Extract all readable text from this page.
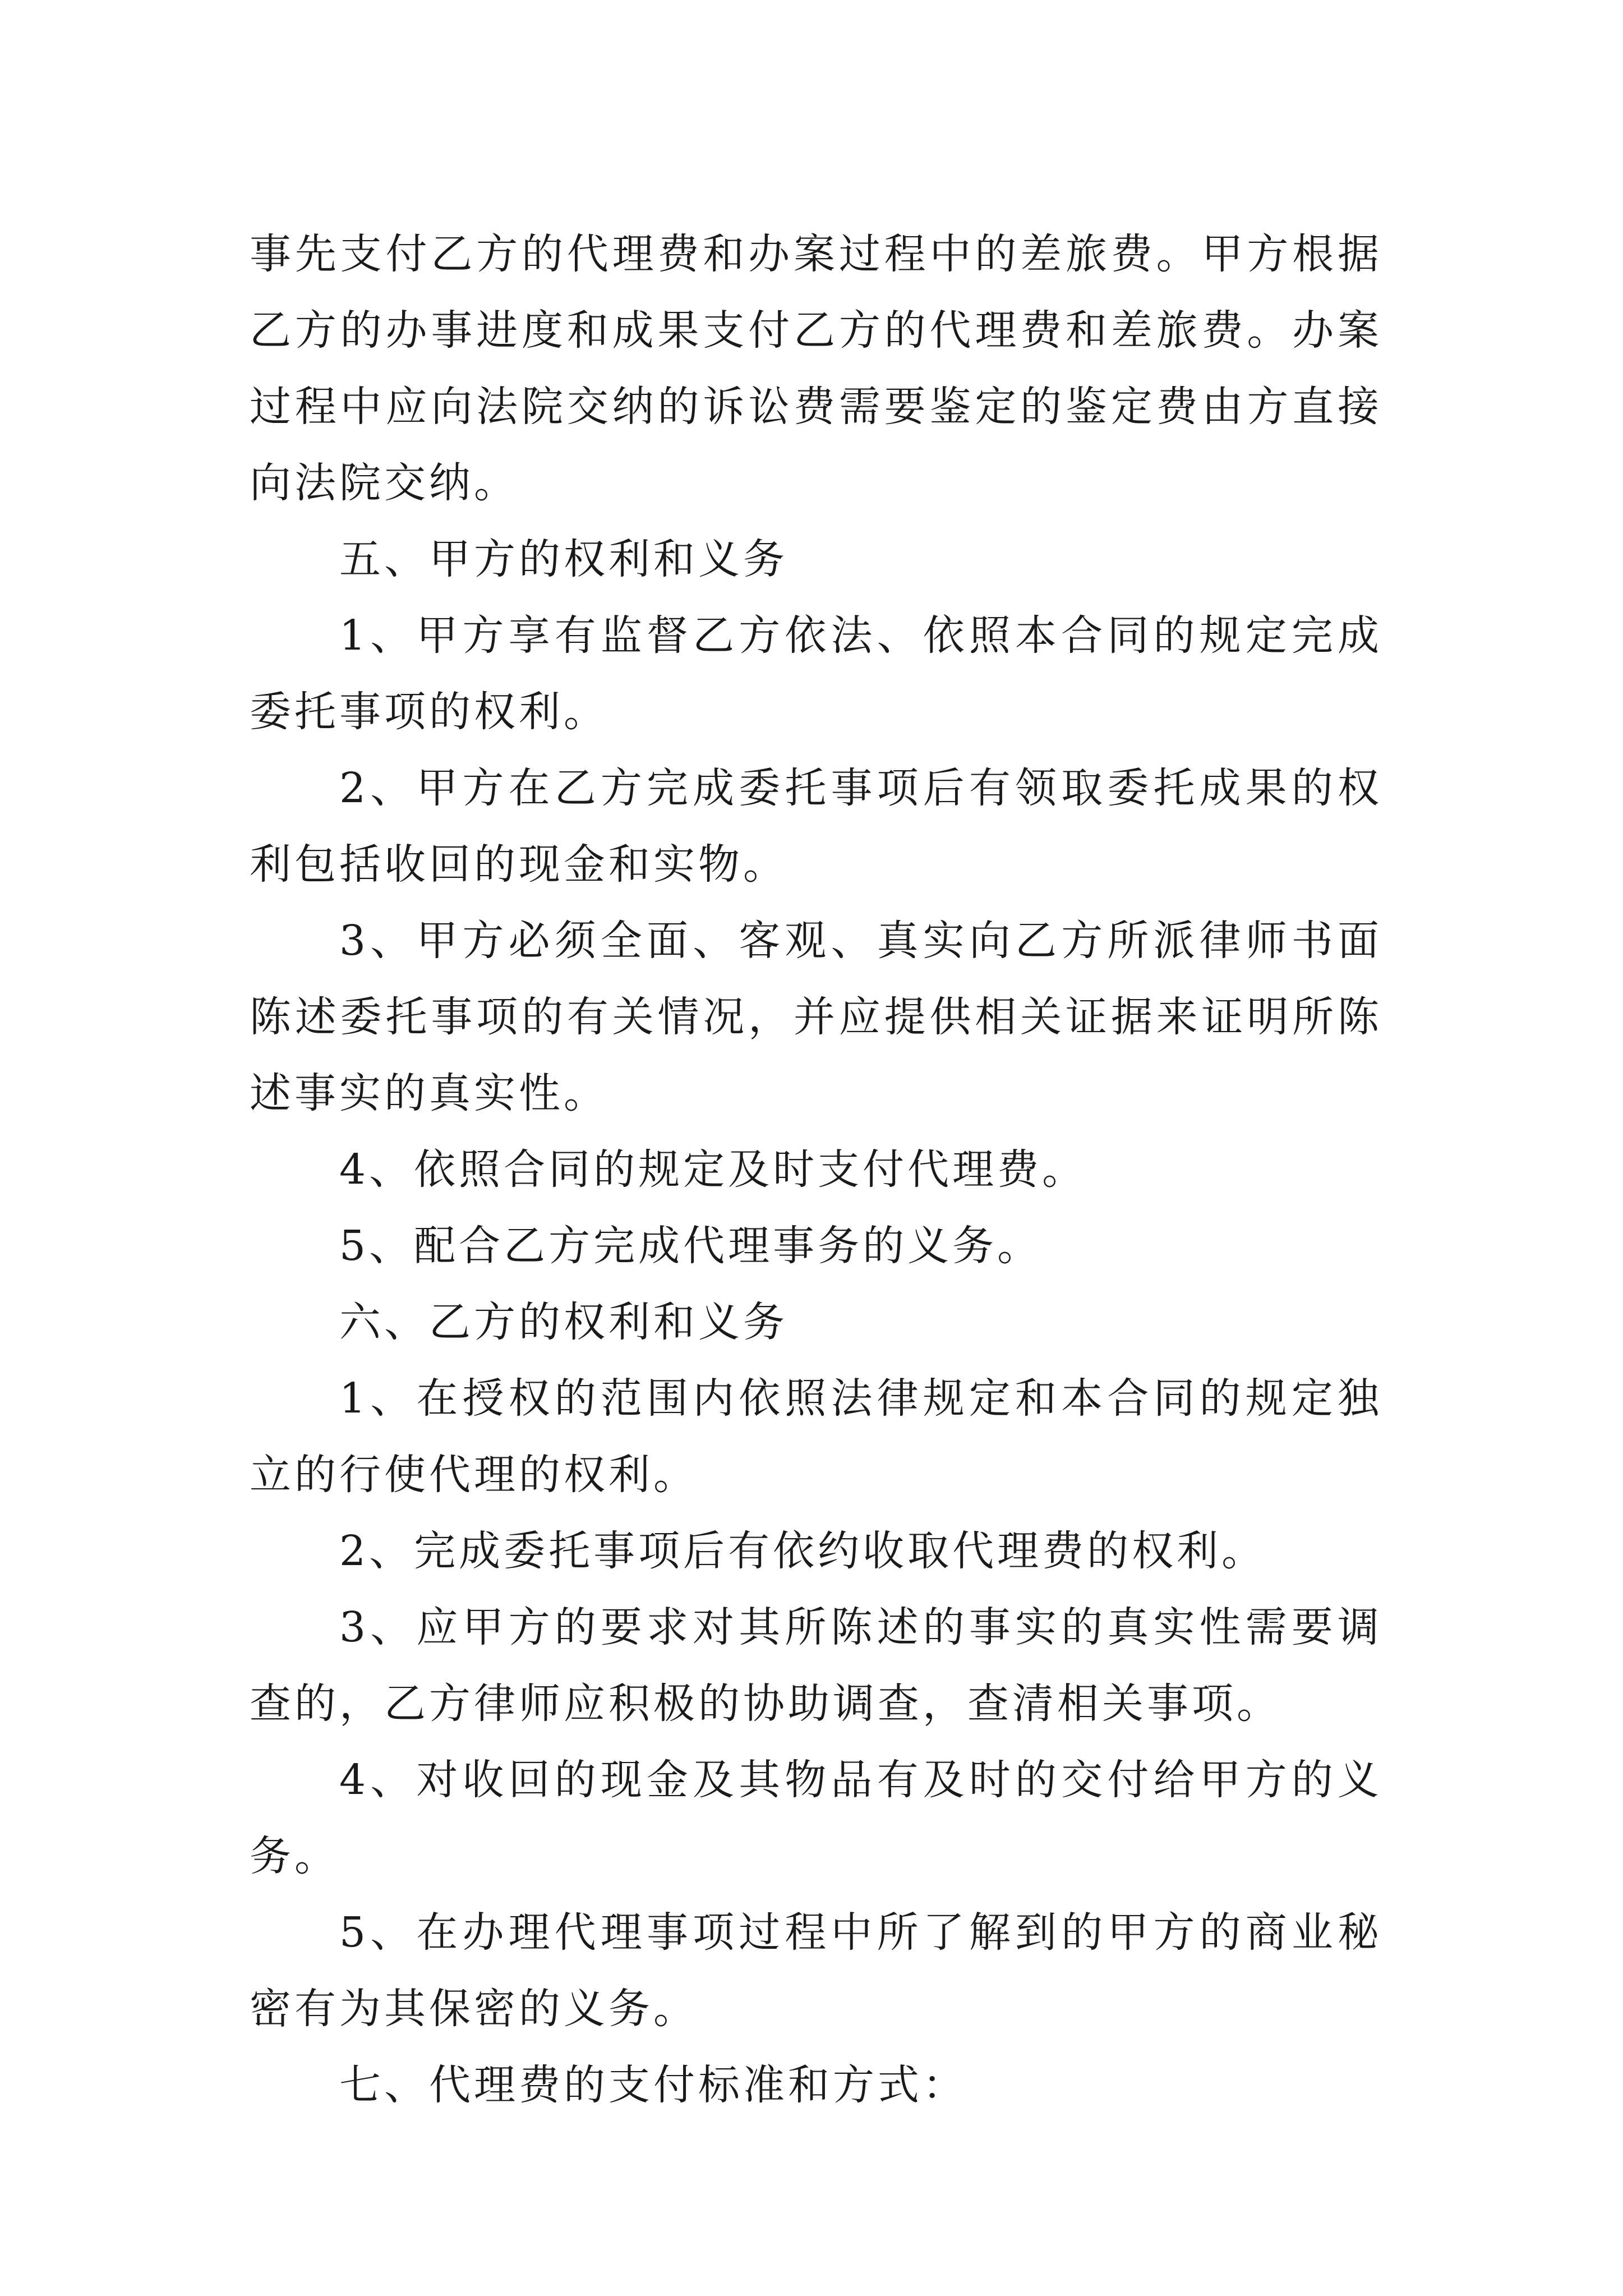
事先支付乙方的代理费和办案过程中的差旅费。甲方根据乙方的办事进度和成果支付乙方的代理费和差旅费。办案过程中应向法院交纳的诉讼费需要鉴定的鉴定费由方直接向法院交纳。

五、甲方的权利和义务

1、甲方享有监督乙方依法、依照本合同的规定完成委托事项的权利。

2、甲方在乙方完成委托事项后有领取委托成果的权利包括收回的现金和实物。

3、甲方必须全面、客观、真实向乙方所派律师书面陈述委托事项的有关情况，并应提供相关证据来证明所陈述事实的真实性。

4、依照合同的规定及时支付代理费。

5、配合乙方完成代理事务的义务。

六、乙方的权利和义务

1、在授权的范围内依照法律规定和本合同的规定独立的行使代理的权利。

2、完成委托事项后有依约收取代理费的权利。

3、应甲方的要求对其所陈述的事实的真实性需要调查的，乙方律师应积极的协助调查，查清相关事项。

4、对收回的现金及其物品有及时的交付给甲方的义务。

5、在办理代理事项过程中所了解到的甲方的商业秘密有为其保密的义务。

七、代理费的支付标准和方式：
